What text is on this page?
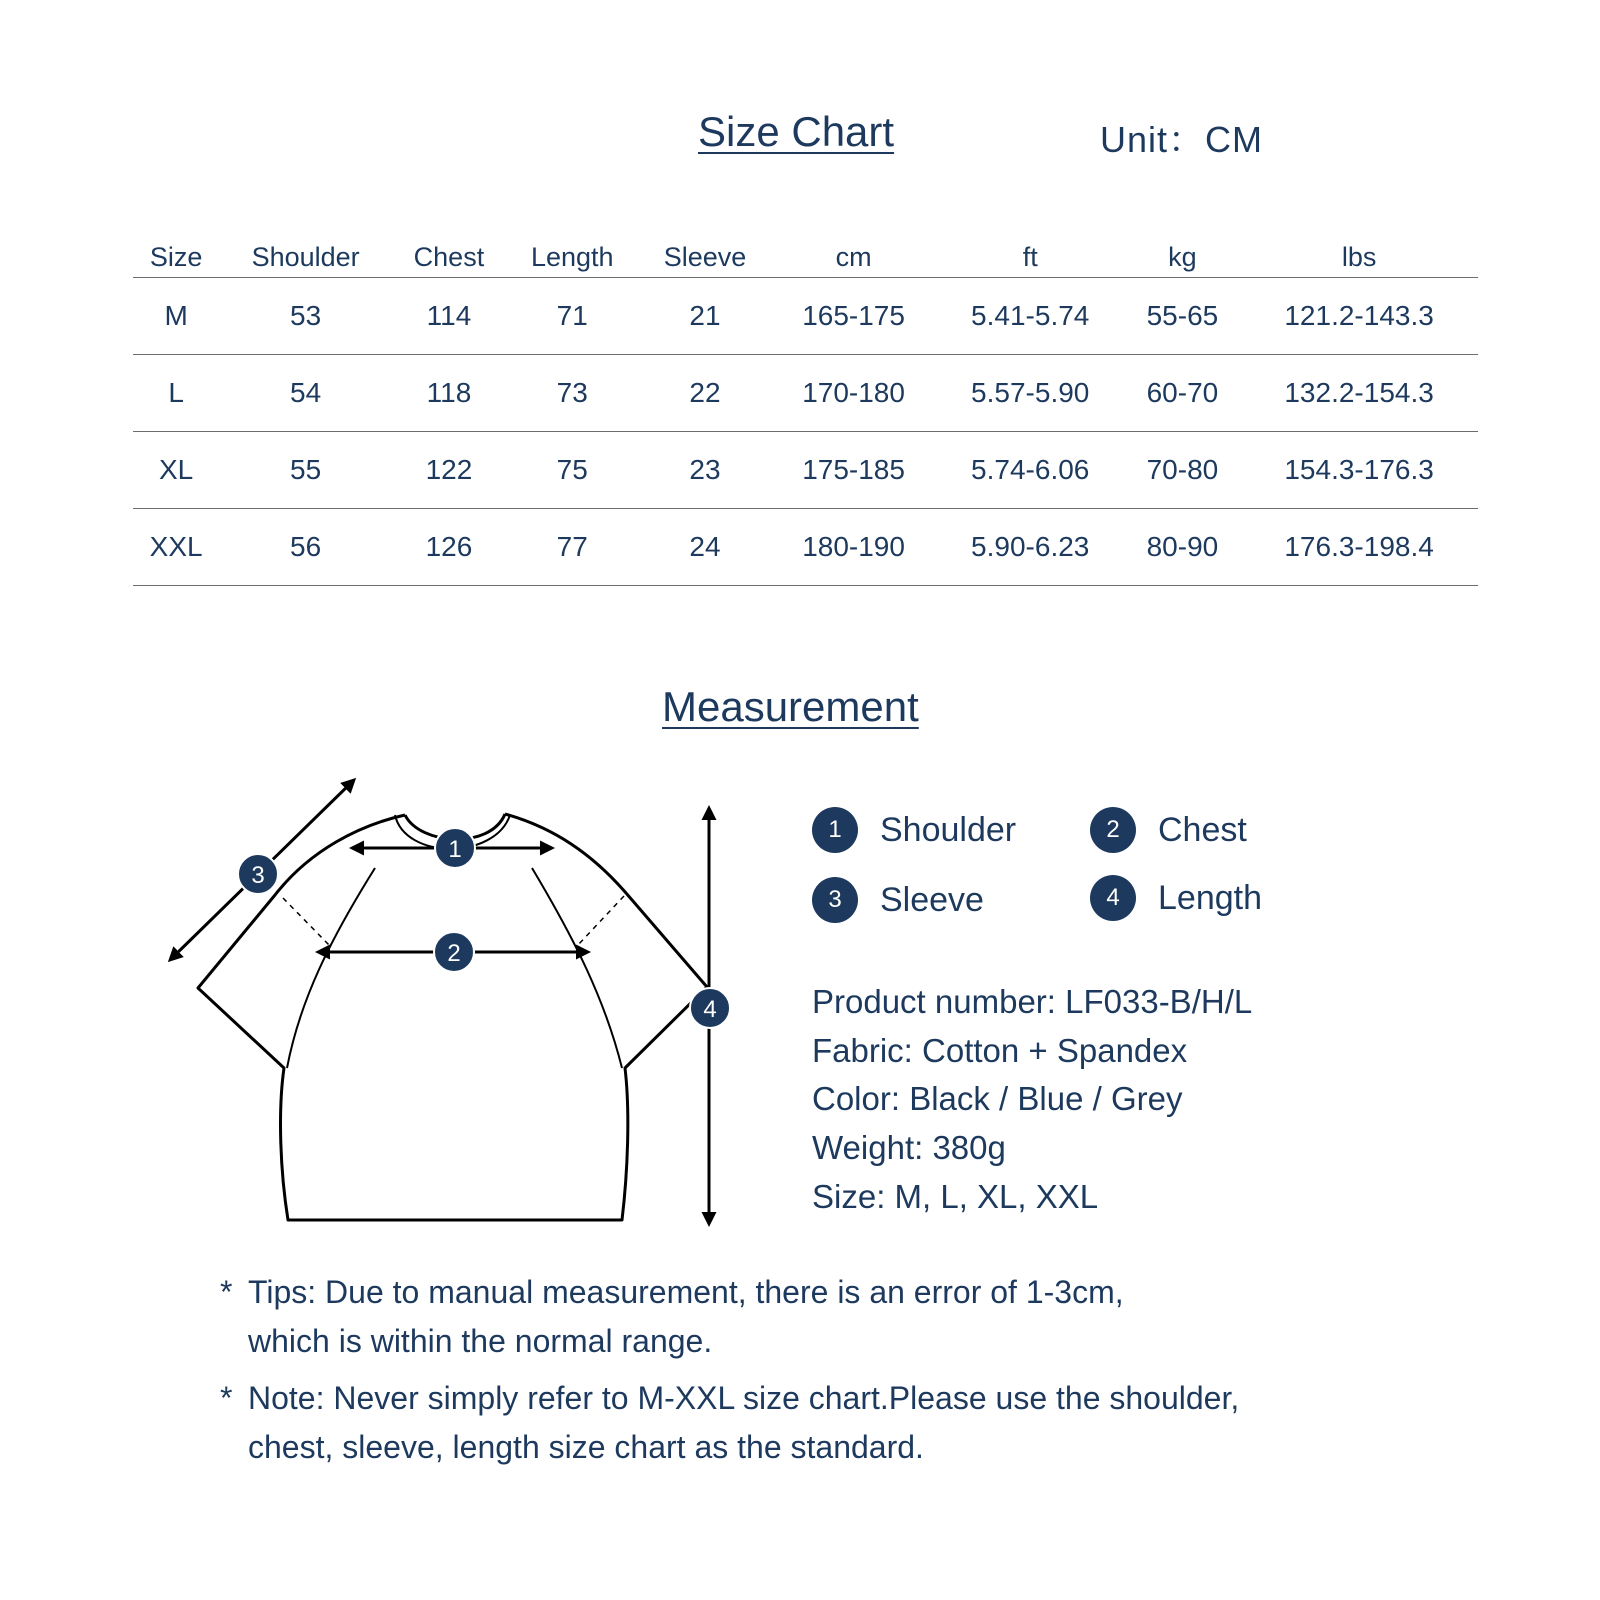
Size Chart	Unit：CM
Size	Shoulder	Chest	Length	Sleeve	cm	ft	kg	lbs
M	53	114	71	21	165-175	5.41-5.74	55-65	121.2-143.3
L	54	118	73	22	170-180	5.57-5.90	60-70	132.2-154.3
XL	55	122	75	23	175-185	5.74-6.06	70-80	154.3-176.3
XXL	56	126	77	24	180-190	5.90-6.23	80-90	176.3-198.4
Measurement
1
2
3
4
1	Shoulder	2	Chest
3	Sleeve	4	Length
Product number: LF033-B/H/L
Fabric: Cotton + Spandex
Color: Black / Blue / Grey
Weight: 380g
Size: M, L, XL, XXL
* Tips: Due to manual measurement, there is an error of 1-3cm,
which is within the normal range.
* Note: Never simply refer to M-XXL size chart.Please use the shoulder,
chest, sleeve, length size chart as the standard.
